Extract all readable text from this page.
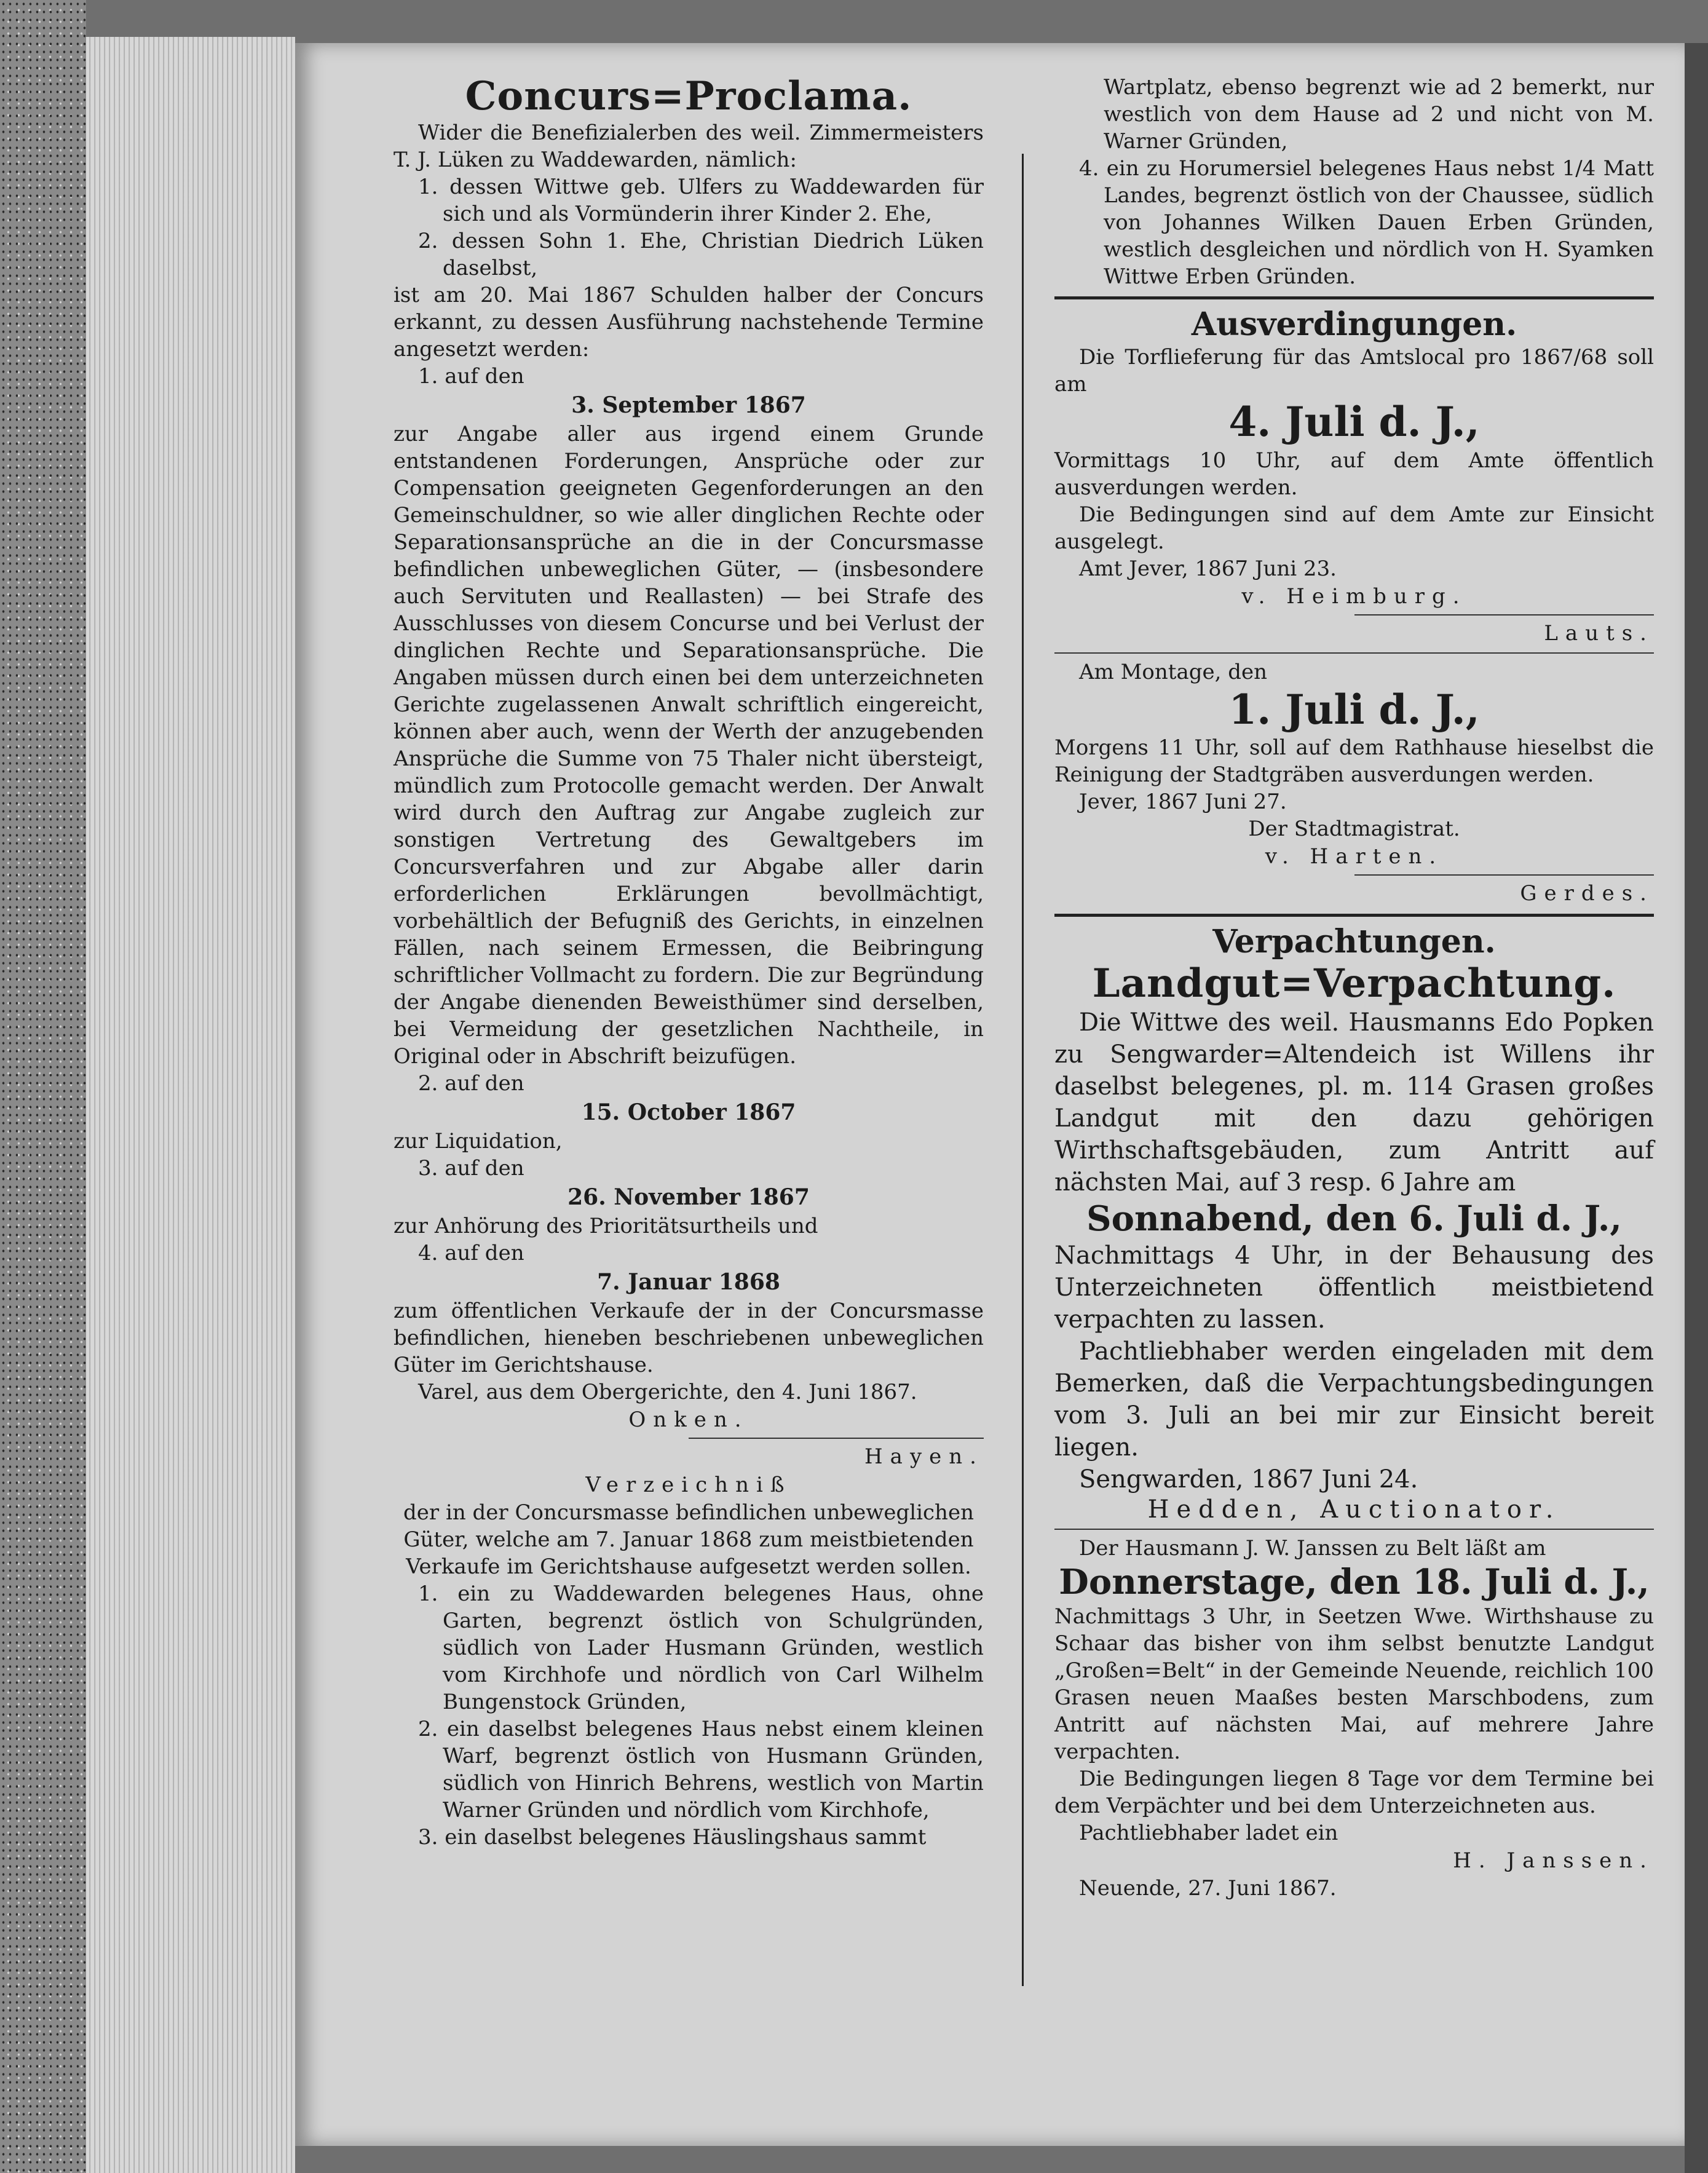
Concurs=Proclama.

Wider die Benefizialerben des weil. Zimmermeisters T. J. Lüken zu Waddewarden, nämlich:

1. dessen Wittwe geb. Ulfers zu Waddewarden für sich und als Vormünderin ihrer Kinder 2. Ehe,

2. dessen Sohn 1. Ehe, Christian Diedrich Lüken daselbst,

ist am 20. Mai 1867 Schulden halber der Concurs erkannt, zu dessen Ausführung nachstehende Termine angesetzt werden:

1. auf den

3. September 1867

zur Angabe aller aus irgend einem Grunde entstandenen Forderungen, Ansprüche oder zur Compensation geeigneten Gegenforderungen an den Gemeinschuldner, so wie aller dinglichen Rechte oder Separationsansprüche an die in der Concursmasse befindlichen unbeweglichen Güter, — (insbesondere auch Servituten und Reallasten) — bei Strafe des Ausschlusses von diesem Concurse und bei Verlust der dinglichen Rechte und Separationsansprüche. Die Angaben müssen durch einen bei dem unterzeichneten Gerichte zugelassenen Anwalt schriftlich eingereicht, können aber auch, wenn der Werth der anzugebenden Ansprüche die Summe von 75 Thaler nicht übersteigt, mündlich zum Protocolle gemacht werden. Der Anwalt wird durch den Auftrag zur Angabe zugleich zur sonstigen Vertretung des Gewaltgebers im Concursverfahren und zur Abgabe aller darin erforderlichen Erklärungen bevollmächtigt, vorbehältlich der Befugniß des Gerichts, in einzelnen Fällen, nach seinem Ermessen, die Beibringung schriftlicher Vollmacht zu fordern. Die zur Begründung der Angabe dienenden Beweisthümer sind derselben, bei Vermeidung der gesetzlichen Nachtheile, in Original oder in Abschrift beizufügen.

2. auf den

15. October 1867

zur Liquidation,

3. auf den

26. November 1867

zur Anhörung des Prioritätsurtheils und

4. auf den

7. Januar 1868

zum öffentlichen Verkaufe der in der Concursmasse befindlichen, hieneben beschriebenen unbeweglichen Güter im Gerichtshause.

Varel, aus dem Obergerichte, den 4. Juni 1867.

Onken.

Hayen.

Verzeichniß

der in der Concursmasse befindlichen unbeweglichen Güter, welche am 7. Januar 1868 zum meistbietenden Verkaufe im Gerichtshause aufgesetzt werden sollen.

1. ein zu Waddewarden belegenes Haus, ohne Garten, begrenzt östlich von Schulgründen, südlich von Lader Husmann Gründen, westlich vom Kirchhofe und nördlich von Carl Wilhelm Bungenstock Gründen,

2. ein daselbst belegenes Haus nebst einem kleinen Warf, begrenzt östlich von Husmann Gründen, südlich von Hinrich Behrens, westlich von Martin Warner Gründen und nördlich vom Kirchhofe,

3. ein daselbst belegenes Häuslingshaus sammt

Wartplatz, ebenso begrenzt wie ad 2 bemerkt, nur westlich von dem Hause ad 2 und nicht von M. Warner Gründen,

4. ein zu Horumersiel belegenes Haus nebst 1/4 Matt Landes, begrenzt östlich von der Chaussee, südlich von Johannes Wilken Dauen Erben Gründen, westlich desgleichen und nördlich von H. Syamken Wittwe Erben Gründen.

Ausverdingungen.

Die Torflieferung für das Amtslocal pro 1867/68 soll am

4. Juli d. J.,

Vormittags 10 Uhr, auf dem Amte öffentlich ausverdungen werden.

Die Bedingungen sind auf dem Amte zur Einsicht ausgelegt.

Amt Jever, 1867 Juni 23.

v. Heimburg.

Lauts.

Am Montage, den

1. Juli d. J.,

Morgens 11 Uhr, soll auf dem Rathhause hieselbst die Reinigung der Stadtgräben ausverdungen werden.

Jever, 1867 Juni 27.

Der Stadtmagistrat.

v. Harten.

Gerdes.

Verpachtungen.
Landgut=Verpachtung.

Die Wittwe des weil. Hausmanns Edo Popken zu Sengwarder=Altendeich ist Willens ihr daselbst belegenes, pl. m. 114 Grasen großes Landgut mit den dazu gehörigen Wirthschaftsgebäuden, zum Antritt auf nächsten Mai, auf 3 resp. 6 Jahre am

Sonnabend, den 6. Juli d. J.,

Nachmittags 4 Uhr, in der Behausung des Unterzeichneten öffentlich meistbietend verpachten zu lassen.

Pachtliebhaber werden eingeladen mit dem Bemerken, daß die Verpachtungsbedingungen vom 3. Juli an bei mir zur Einsicht bereit liegen.

Sengwarden, 1867 Juni 24.

Hedden, Auctionator.

Der Hausmann J. W. Janssen zu Belt läßt am

Donnerstage, den 18. Juli d. J.,

Nachmittags 3 Uhr, in Seetzen Wwe. Wirthshause zu Schaar das bisher von ihm selbst benutzte Landgut „Großen=Belt“ in der Gemeinde Neuende, reichlich 100 Grasen neuen Maaßes besten Marschbodens, zum Antritt auf nächsten Mai, auf mehrere Jahre verpachten.

Die Bedingungen liegen 8 Tage vor dem Termine bei dem Verpächter und bei dem Unterzeichneten aus.

Pachtliebhaber ladet ein

H. Janssen.

Neuende, 27. Juni 1867.
